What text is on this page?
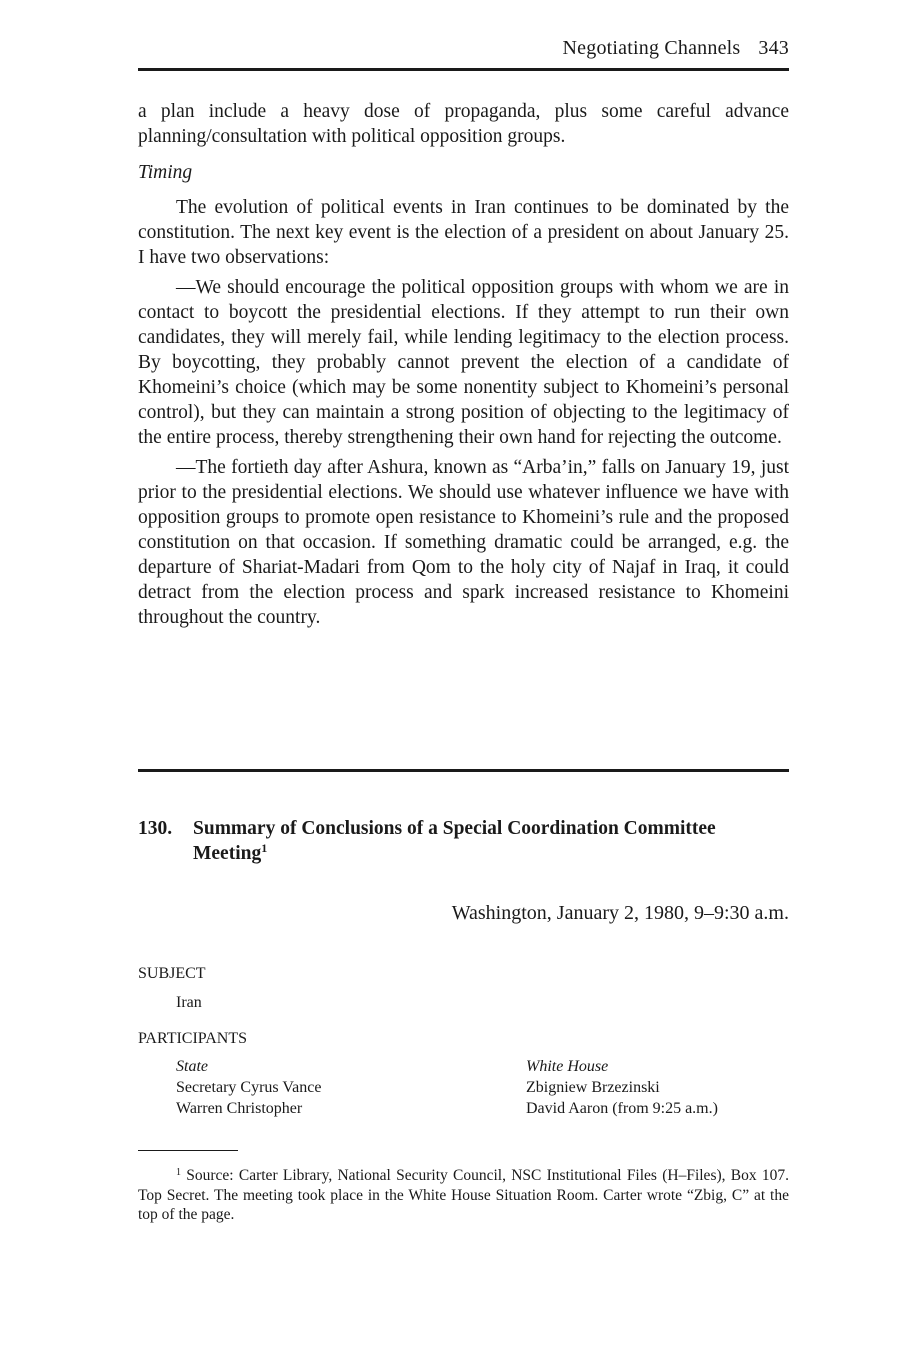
Negotiating Channels 343

a plan include a heavy dose of propaganda, plus some careful advance planning/consultation with political opposition groups.

Timing

The evolution of political events in Iran continues to be dominated by the constitution. The next key event is the election of a president on about January 25. I have two observations:

—We should encourage the political opposition groups with whom we are in contact to boycott the presidential elections. If they attempt to run their own candidates, they will merely fail, while lending legitimacy to the election process. By boycotting, they probably cannot prevent the election of a candidate of Khomeini’s choice (which may be some nonentity subject to Khomeini’s personal control), but they can maintain a strong position of objecting to the legitimacy of the entire process, thereby strengthening their own hand for rejecting the outcome.

—The fortieth day after Ashura, known as “Arba’in,” falls on January 19, just prior to the presidential elections. We should use whatever influence we have with opposition groups to promote open resistance to Khomeini’s rule and the proposed constitution on that occasion. If something dramatic could be arranged, e.g. the departure of Shariat-Madari from Qom to the holy city of Najaf in Iraq, it could detract from the election process and spark increased resistance to Khomeini throughout the country.

130. Summary of Conclusions of a Special Coordination Committee Meeting$^1$
Washington, January 2, 1980, 9–9:30 a.m.
SUBJECT
Iran
PARTICIPANTS
State
Secretary Cyrus Vance
Warren Christopher
White House
Zbigniew Brzezinski
David Aaron (from 9:25 a.m.)
$^1$ Source: Carter Library, National Security Council, NSC Institutional Files (H–Files), Box 107. Top Secret. The meeting took place in the White House Situation Room. Carter wrote “Zbig, C” at the top of the page.
